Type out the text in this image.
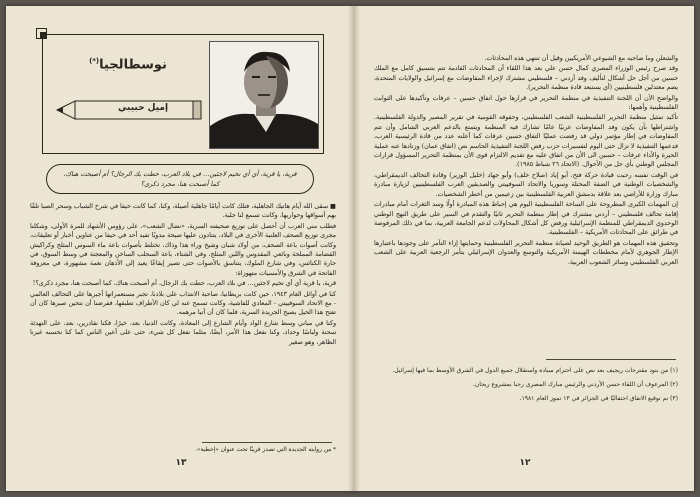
نوسطالجيا(*)
إميل حبيبي
قرية، يا قرية، أي أي تخيم لاجئين… في بلاد العرب، حطت بك الرجال؟ أم أصبحت هناك، كما أصبحت هنا، مجرد ذكرى؟

■ سقى الله أيام هاتيك الجاهلية، فتلك كانت أيامًا جاهلية أصيلة، وكنا، كما كانت حيفا في شرخ الشباب وسحر الصبا تلقًا بهم أسواقها وحواريها، وكانت تسمع لنا جلبة.

فطلب مني العرب أن أحصل على توزيع صحيفته السرية، «نضال الشعب»، على رؤوس الأشهاد للمرة الأولى، وشكلنا مجرى توزيع الصحف العلنية الأخرى في البلاد، يتنادون عليها صيحة مدويًا تفيد أحد في حيفا من عناوين أخبار أو تعليقات، وكانت أصوات باعة الصحف، من أولاد شبان وشيخ وراء هذا وذاك، تختلط بأصوات باعة ماء السوس المثلج وكراكيش القضامة المملحة وبائعي المقدوس واللبن المثلج، وفي الشتاء، باعة السحلب الساخن والمعجنة في وسط السوق، في حارة الكنائس، وفي شارع الملوك، يتناسق بالأصوات حتى تصير إيقاعًا يعيد إلى الأذهان نغمة مشهورة، في معزوفة الفاتحة في الشرق والأمسيات متهوزاة:

قرية، يا قرية أي أي تخيم لاجئين… في بلاد العرب، حطت بك الرجال، أم أصبحت هناك، كما أصبحت هنا، مجرد ذكرى؟!

كنا في أوائل العام ١٩٤٣، حين كانت بريطانيا، صاحبة الانتداب على بلادنا، تجبر مستعمراتها أجبرها على التحالف العالمي - مع الاتحاد السوفييتي - المعادي للفاشية، وكانت تسمح عنه لي كان الأطراف تطبقها، ففرضنا أن نتحين صبرها كان أن تفتح هذا الحيل يصيح الجريدة السرية، فلما كان أن أتيا مرهمه.

وكنا في مباني وسط شارع الواد وأيام الشارع إلى المعادة، وكانت الدنيا، بعد، خيرًا، فكنا نقادرين، بعد، على التهدئة سحنة ولباسًا وحداد، وكنا نفعل هذا الأمر، أيضًا، مثلما نفعل كل شيء، حتى على أعين الناس كما كنا نحسبه غيرنا الظاهر، وهو صغير

* من روايته الجديدة التي تصدر قريبًا تحت عنوان «إخطية».
١٣

والشعلن وما صاحبه مع الشيوعي الأمريكيين وقيل أن تنتهي هذه المحادثات.

وقد صرح رئيس الوزراء المصري كمال حسن علي بعد هذا اللقاء أن المحادثات القادمة تتم بتنسيق كامل مع الملك حسين من أجل حل أشكال لتأليف وفد أردني – فلسطيني مشترك لإجراء المفاوضات مع إسرائيل والولايات المتحدة، يضم معتدلين فلسطينيين (أي يستبعد قادة منظمة التحرير).

والواضح الآن أن اللجنة التنفيذية في منظمة التحرير في قرارها حول اتفاق حسين – عرفات وتأكيدها على الثوابت الفلسطينية وأهمها:

تأكيد تمثيل منظمة التحرير الفلسطينية الشعب الفلسطيني، وحقوقه القومية في تقرير المصير والدولة الفلسطينية. واشتراطها بأن يكون وفد المفاوضات عربيًا عامًا تشارك فيه المنظمة ويتمتع بالدعم العربي الشامل وأن تتم المفاوضات في إطار مؤتمر دولي قد رفضت عمليًا التفاق حسين عرفات كما أعلنه عدد من قادة الرئيسية العرب، فدعمها التنفيذية لا تزال حتى اليوم لتفسيرات حزب رفض اللجنة التنفيذية الحاسم نص (اتفاق عمان) وزنادها عنه عملية الحيرة والأداء عرفات – حسين الى الأن من اتفاق عليه مع تقديم الالتزام قوى الأن بمنظمة التحرير المسؤول قرارات المجلس الوطني بأي حل من الأحوال. (الاتحاد ٢٦ شباط ١٩٨٥).

في الوقت نفسه رحبت قيادة حركة فتح، أبو إياد (صلاح خلف) وأبو جهاد (خليل الوزير) وقادة التحالف الديمقراطي، والشخصيات الوطنية في الضفة المحتلة وسوريا والاتحاد السوفييتي والصديقين العرب الفلسطينيين لزيارة مبادرة مبارك وزارة للأراضي بعد علاقة بدمشق العربية الفلسطينية بين زعيمين من أخطر الشخصيات.

إن المهمات الكبرى المطروحة على الساحة الفلسطينية اليوم هي إحباط هذه المبادرة أولًا وسد الثغرات أمام مبادرات إقامة تحالف فلسطيني – أردني مشترك في إطار منظمة التحرير ثانيًا والتقدم في السير على طريق النهج الوطني الوحدوي الديمقراطي للمنظمة الإسرائيلية ورفض كل أشكال المحاولات لدعم الجامعة العربية، بما في ذلك المرفوضة في طرائق على المحادثات الأمريكية – الفلسطينية.

وتحقيق هذه المهمات هو الطريق الوحيد لصيانة منظمة التحرير الفلسطينية وحمايتها إزاء التآمر على وجودها باعتبارها الإطار الجوهري لأمام مخططات الهيمنة الأمريكية والتوسع والعدوان الإسرائيلي بتأمر الرجعية العربية على الشعب العربي الفلسطيني وسائر الشعوب العربية.

(١) من بنود مقترحات ريجيف بعد نص على احترام سيادة واستقلال جميع الدول في الشرق الأوسط بما فيها إسرائيل.

(٢) المرعوف أن اللقاء حسن الأردني والرئيس مبارك المصري رحبا بمشروع ريجان.

(٣) تم توقيع الاتفاق احتفاليًا في الجزائر في ١٣ تموز العام ١٩٨١.

١٢
